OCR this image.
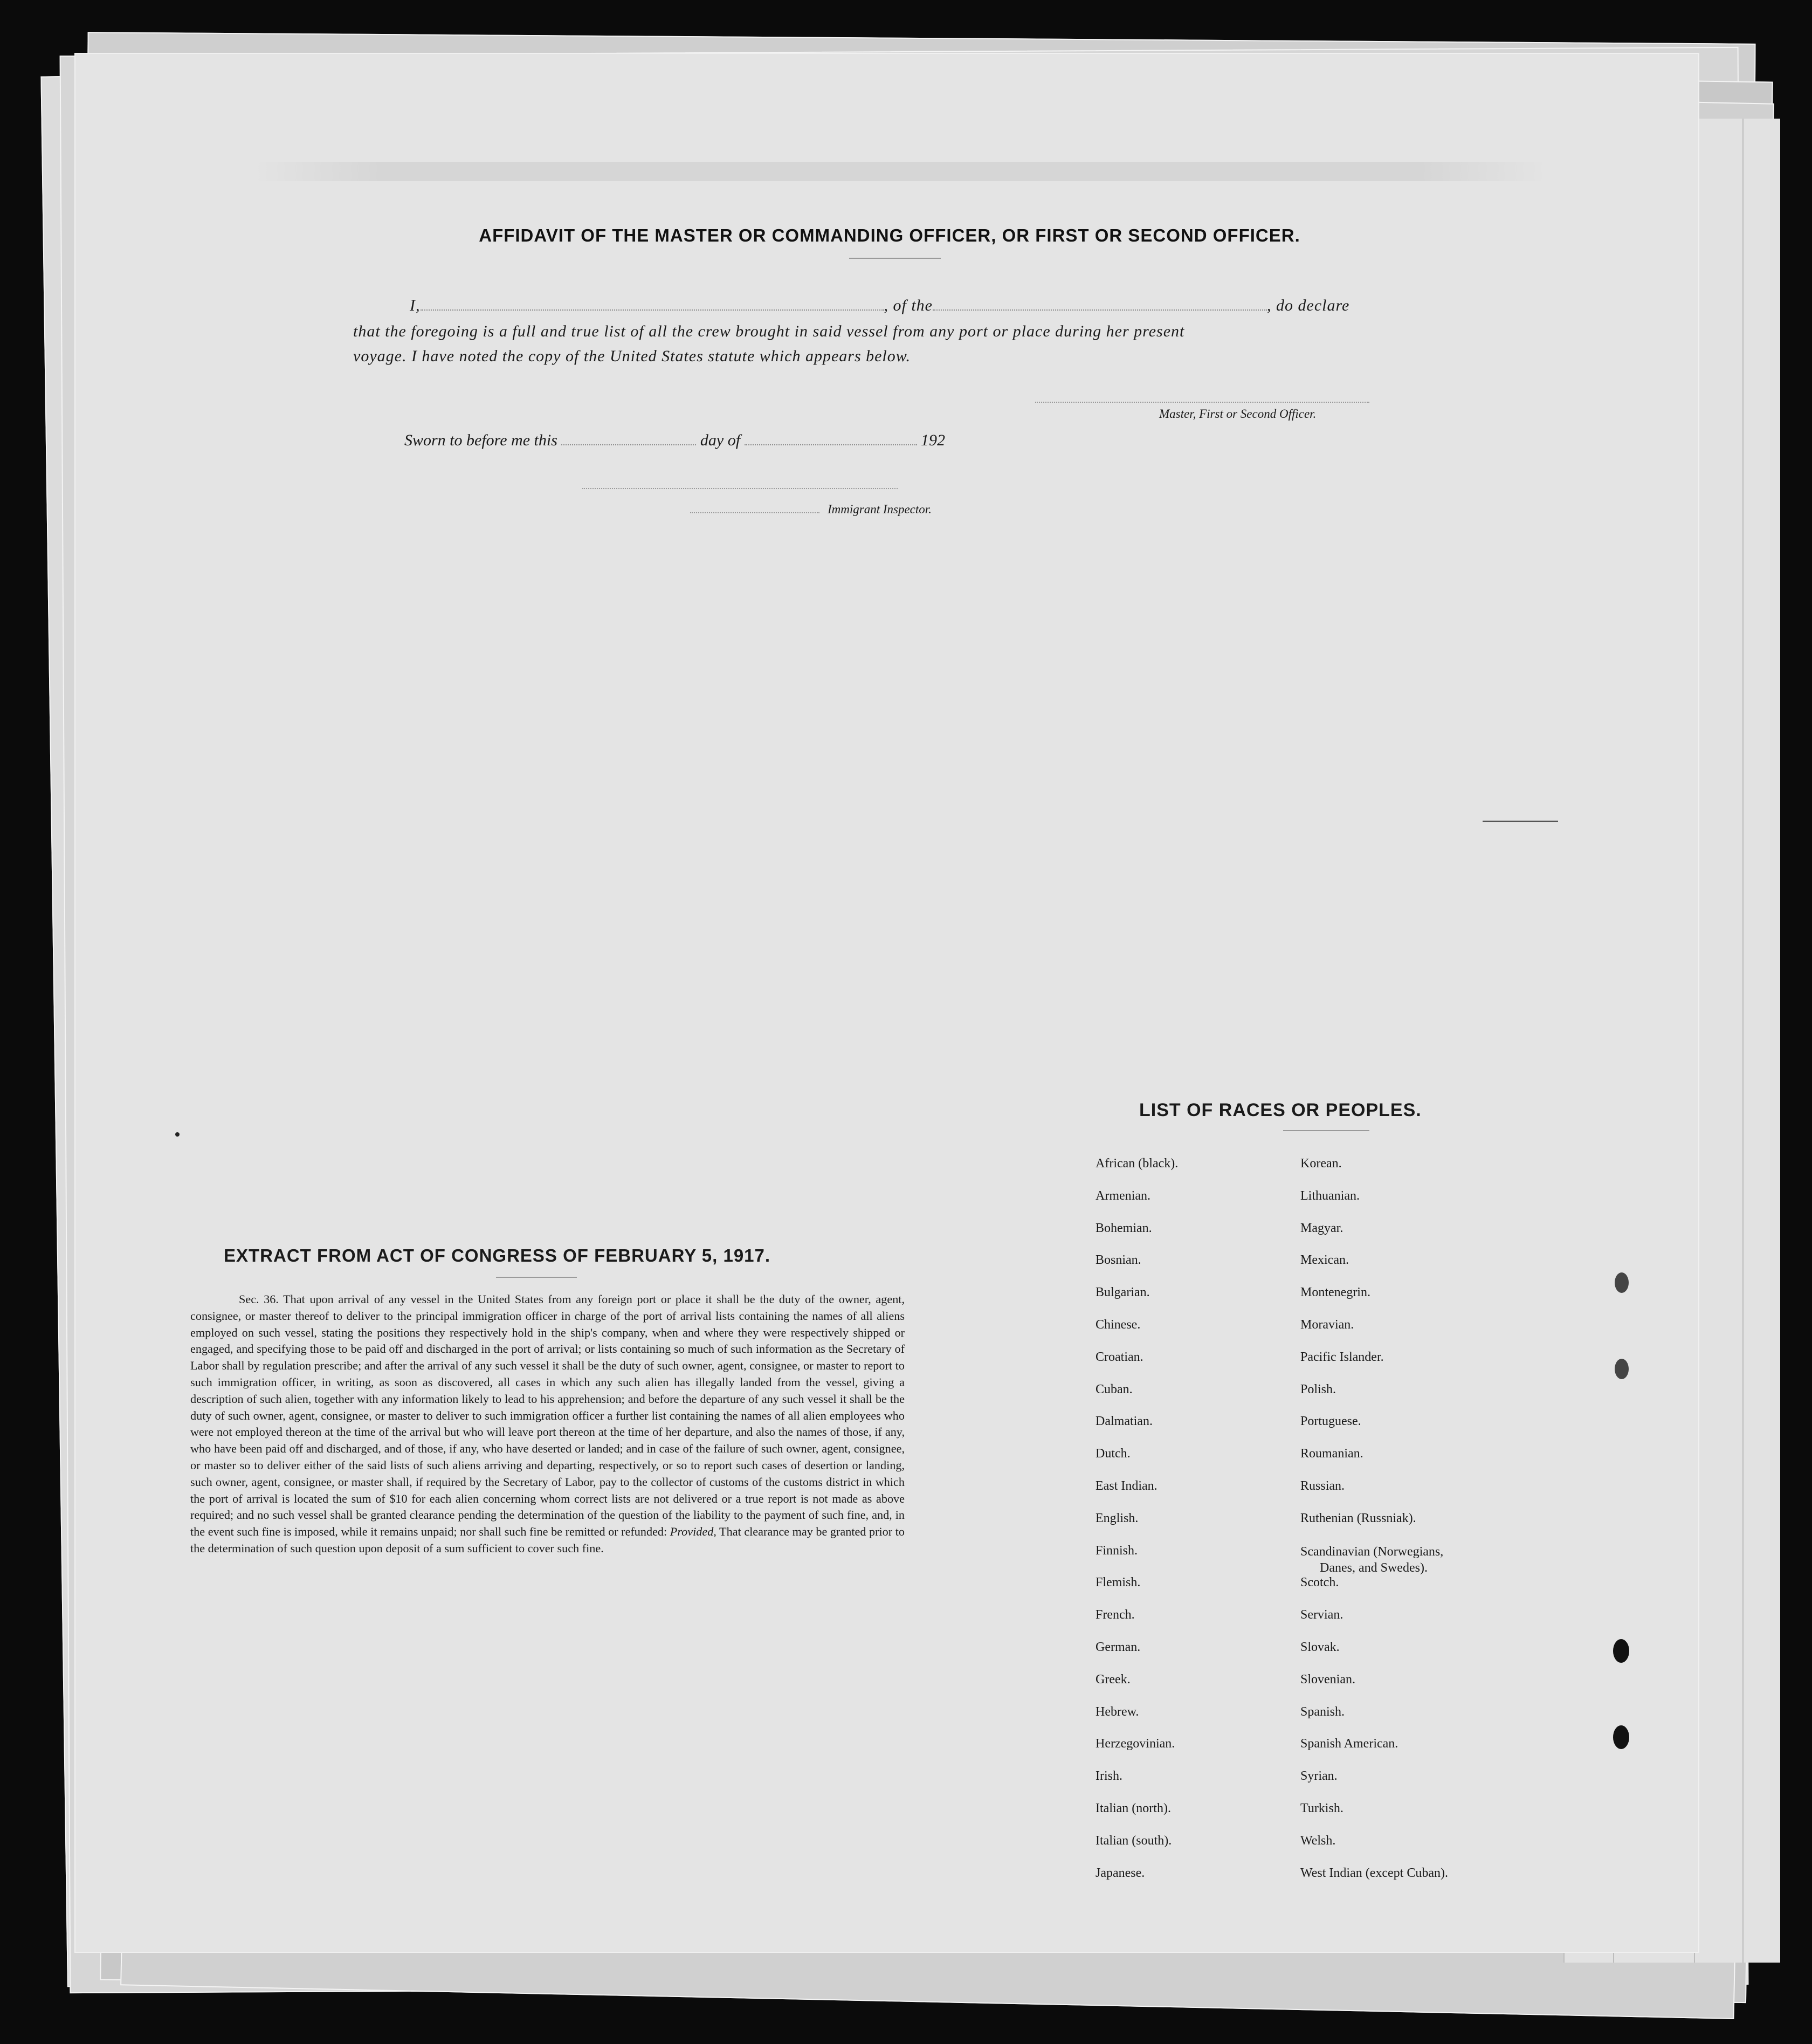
AFFIDAVIT OF THE MASTER OR COMMANDING OFFICER, OR FIRST OR SECOND OFFICER.
I,	, of the	, do declare
that the foregoing is a full and true list of all the crew brought in said vessel from any port or place during her present
voyage. I have noted the copy of the United States statute which appears below.
Master, First or Second Officer.
Sworn to before me this	day of	192
Immigrant Inspector.
EXTRACT FROM ACT OF CONGRESS OF FEBRUARY 5, 1917.
Sec. 36. That upon arrival of any vessel in the United States from any foreign port or place it shall be the duty of the owner, agent, consignee, or master thereof to deliver to the principal immigration officer in charge of the port of arrival lists containing the names of all aliens employed on such vessel, stating the positions they respectively hold in the ship's company, when and where they were respectively shipped or engaged, and specifying those to be paid off and discharged in the port of arrival; or lists containing so much of such information as the Secretary of Labor shall by regulation prescribe; and after the arrival of any such vessel it shall be the duty of such owner, agent, consignee, or master to report to such immigration officer, in writing, as soon as discovered, all cases in which any such alien has illegally landed from the vessel, giving a description of such alien, together with any information likely to lead to his apprehension; and before the departure of any such vessel it shall be the duty of such owner, agent, consignee, or master to deliver to such immigration officer a further list containing the names of all alien employees who were not employed thereon at the time of the arrival but who will leave port thereon at the time of her departure, and also the names of those, if any, who have been paid off and discharged, and of those, if any, who have deserted or landed; and in case of the failure of such owner, agent, consignee, or master so to deliver either of the said lists of such aliens arriving and departing, respectively, or so to report such cases of desertion or landing, such owner, agent, consignee, or master shall, if required by the Secretary of Labor, pay to the collector of customs of the customs district in which the port of arrival is located the sum of $10 for each alien concerning whom correct lists are not delivered or a true report is not made as above required; and no such vessel shall be granted clearance pending the determination of the question of the liability to the payment of such fine, and, in the event such fine is imposed, while it remains unpaid; nor shall such fine be remitted or refunded: Provided, That clearance may be granted prior to the determination of such question upon deposit of a sum sufficient to cover such fine.
LIST OF RACES OR PEOPLES.
African (black).
Armenian.
Bohemian.
Bosnian.
Bulgarian.
Chinese.
Croatian.
Cuban.
Dalmatian.
Dutch.
East Indian.
English.
Finnish.
Flemish.
French.
German.
Greek.
Hebrew.
Herzegovinian.
Irish.
Italian (north).
Italian (south).
Japanese.
Korean.
Lithuanian.
Magyar.
Mexican.
Montenegrin.
Moravian.
Pacific Islander.
Polish.
Portuguese.
Roumanian.
Russian.
Ruthenian (Russniak).
Scandinavian (Norwegians,
Danes, and Swedes).
Scotch.
Servian.
Slovak.
Slovenian.
Spanish.
Spanish American.
Syrian.
Turkish.
Welsh.
West Indian (except Cuban).
